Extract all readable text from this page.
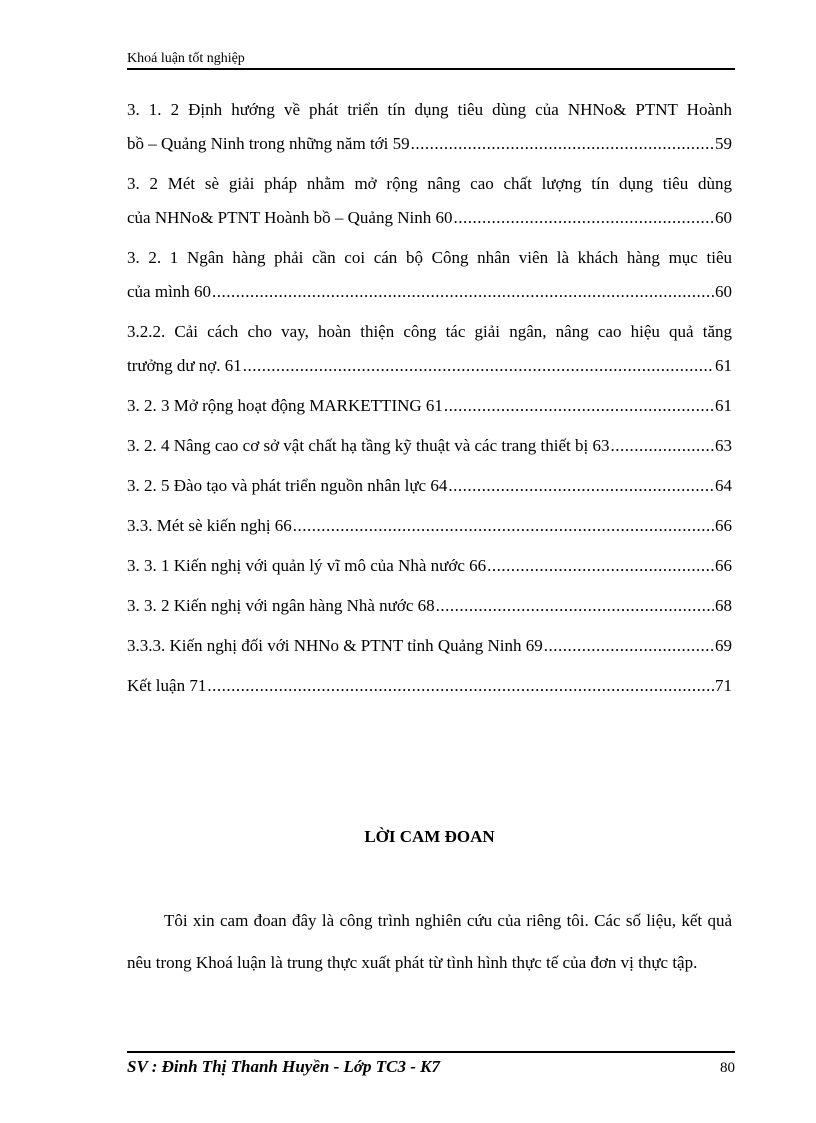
Khoá luận tốt nghiệp
3. 1. 2 Định hướng về phát triển tín dụng tiêu dùng của NHNo& PTNT Hoành
bồ – Quảng Ninh trong những năm tới 59 .....	59
3. 2 Mét sè giải pháp nhằm mở rộng nâng cao chất lượng tín dụng tiêu dùng
của NHNo& PTNT Hoành bồ – Quảng Ninh 60 .....	60
3. 2. 1 Ngân hàng phải cần coi cán bộ Công nhân viên là khách hàng mục tiêu
của mình 60 .....	60
3.2.2. Cải cách cho vay, hoàn thiện công tác giải ngân, nâng cao hiệu quả tăng
trưởng dư nợ. 61 .....	61
3. 2. 3 Mở rộng hoạt động MARKETTING 61 .....	61
3. 2. 4 Nâng cao cơ sở vật chất hạ tầng kỹ thuật và các trang thiết bị 63 .....	63
3. 2. 5 Đào tạo và phát triển nguồn nhân lực 64 .....	64
3.3. Mét sè kiến nghị 66 .....	66
3. 3. 1 Kiến nghị với quản lý vĩ mô của Nhà nước 66 .....	66
3. 3. 2 Kiến nghị với ngân hàng Nhà nước 68 .....	68
3.3.3. Kiến nghị đối với NHNo & PTNT tỉnh Quảng Ninh 69 .....	69
Kết luận 71 .....	71
LỜI CAM ĐOAN
Tôi xin cam đoan đây là công trình nghiên cứu của riêng tôi. Các số liệu, kết quả nêu trong Khoá luận là trung thực xuất phát từ tình hình thực tế của đơn vị thực tập.
SV : Đinh Thị Thanh Huyền - Lớp TC3 - K7	80
